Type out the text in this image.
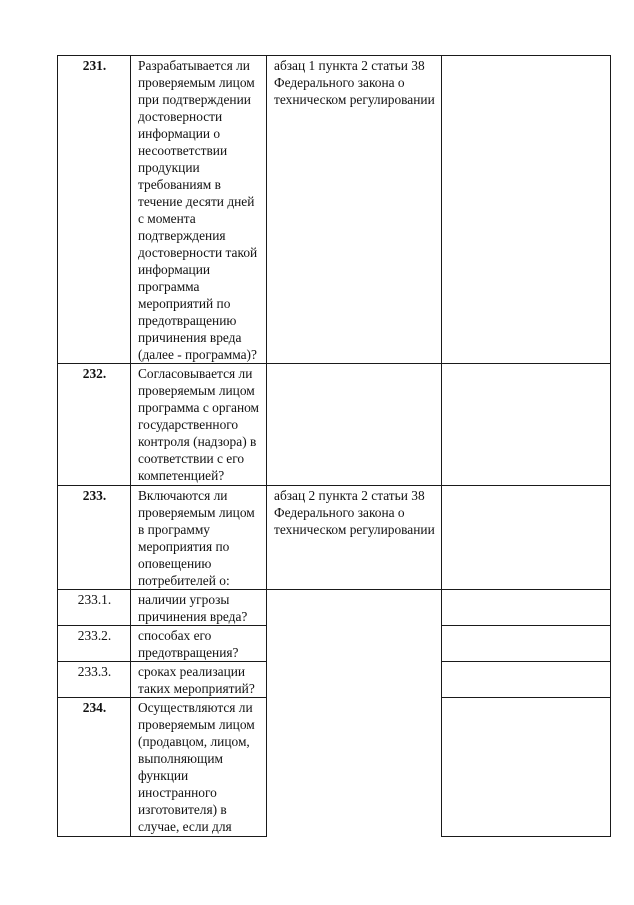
231.	Разрабатывается ли проверяемым лицом при подтверждении достоверности информации о несоответствии продукции требованиям в течение десяти дней с момента подтверждения достоверности такой информации программа мероприятий по предотвращению причинения вреда (далее - программа)?	абзац 1 пункта 2 статьи 38 Федерального закона о техническом регулировании	
232.	Согласовывается ли проверяемым лицом программа с органом государственного контроля (надзора) в соответствии с его компетенцией?		
233.	Включаются ли проверяемым лицом в программу мероприятия по оповещению потребителей о:	абзац 2 пункта 2 статьи 38 Федерального закона о техническом регулировании	
233.1.	наличии угрозы причинения вреда?		
233.2.	способах его предотвращения?		
233.3.	сроках реализации таких мероприятий?		
234.	Осуществляются ли проверяемым лицом (продавцом, лицом, выполняющим функции иностранного изготовителя) в случае, если для		
